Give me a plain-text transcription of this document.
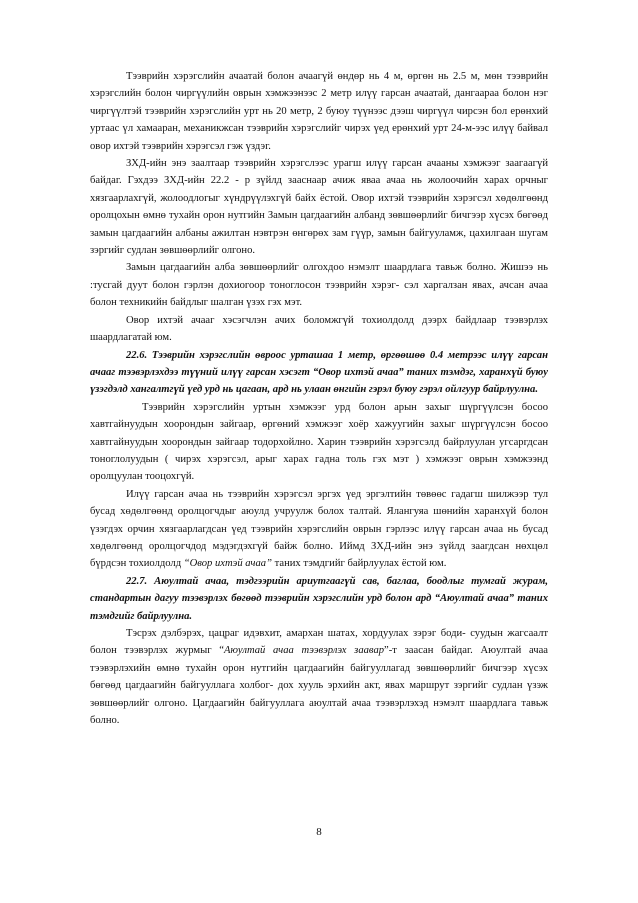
Тээврийн хэрэгслийн ачаатай болон ачаагүй өндөр нь 4 м, өргөн нь 2.5 м, мөн тээврийн хэрэгслийн болон чиргүүлийн оврын хэмжээнээс 2 метр илүү гарсан ачаатай, дангаараа болон нэг чиргүүлтэй тээврийн хэрэгслийн урт нь 20 метр, 2 буюу түүнээс дээш чиргүүл чирсэн бол ерөнхий уртааc үл хамааран, механикжсан тээврийн хэрэгслийг чирэх үед ерөнхий урт 24-м-ээс илүү байвал овор ихтэй тээврийн хэрэгсэл гэж үздэг.

ЗХД-ийн энэ заалтаар тээврийн хэрэгслээс урагш илүү гарсан ачааны хэмжээг заагаагүй байдаг. Гэхдээ ЗХД-ийн 22.2 - р зүйлд зааснаар ачиж яваа ачаа нь жолоочийн харах орчныг хязгаарлахгүй, жолоодлогыг хүндрүүлэхгүй байх ёстой. Овор ихтэй тээврийн хэрэгсэл хөдөлгөөнд оролцохын өмнө тухайн орон нутгийн Замын цагдаагийн албанд зөвшөөрлийг бичгээр хүсэх бөгөөд замын цагдаагийн албаны ажилтан нэвтрэн өнгөрөх зам гүүр, замын байгууламж, цахилгаан шугам зэргийг судлан зөвшөөрлийг олгоно.

Замын цагдаагийн алба зөвшөөрлийг олгохдоо нэмэлт шаардлага тавьж болно. Жишээ нь :тусгай дуут болон гэрлэн дохиогоор тоноглосон тээврийн хэрэг- сэл харгалзан явах, ачсан ачаа болон техникийн байдлыг шалган үзэх гэх мэт.

Овор ихтэй ачааг хэсэгчлэн ачих боломжгүй тохиолдолд дээрх байдлаар тээвэрлэх шаардлагатай юм.

22.6. Тээврийн хэрэгслийн өвроос урташаа 1 метр, өргөөшөө 0.4 метрээс илүү гарсан ачааг тээвэрлэхдээ түүний илүү гарсан хэсэгт “Овор ихтэй ачаа” таних тэмдэг, харанхүй буюу үзэгдэлд хангалтгүй үед урд нь цагаан, ард нь улаан өнгийн гэрэл буюу гэрэл ойлгуур байрлуулна.

Тээврийн хэрэгслийн уртын хэмжээг урд болон арын захыг шүргүүлсэн босоо хавтгайнуудын хоорондын зайгаар, өргөний хэмжээг хоёр хажуугийн захыг шүргүүлсэн босоо хавтгайнуудын хоорондын зайгаар тодорхойлно. Харин тээврийн хэрэгсэлд байрлуулан угсаргдсан тоноглолуудын ( чирэх хэрэгсэл, арыг харах гадна толь гэх мэт ) хэмжээг оврын хэмжээнд оролцуулан тооцохгүй.

Илүү гарсан ачаа нь тээврийн хэрэгсэл эргэх үед эргэлтийн төвөөс гадагш шилжээр тул бусад хөдөлгөөнд оролцогчдыг аюулд учруулж болох талтай. Ялангуяа шөнийн харанхүй болон үзэгдэх орчин хязгаарлагдсан үед тээврийн хэрэгслийн оврын гэрлээс илүү гарсан ачаа нь бусад хөдөлгөөнд оролцогчдод мэдэгдэхгүй байж болно. Иймд ЗХД-ийн энэ зүйлд заагдсан нөхцөл бүрдсэн тохиолдолд “Овор ихтэй ачаа” таних тэмдгийг байрлуулах ёстой юм.

22.7. Аюултай ачаа, тэдгээрийн ариутгаагүй сав, баглаа, боодлыг тумгай журам, стандартын дагуу тээвэрлэх бөгөөд тээврийн хэрэгслийн урд болон ард “Аюултай ачаа” таних тэмдгийг байрлуулна.

Тэсрэх дэлбэрэх, цацраг идэвхит, амархан шатах, хордуулах зэрэг боди- суудын жагсаалт болон тээвэрлэх журмыг “Аюултай ачаа тээвэрлэх заавар”-т заасан байдаг. Аюултай ачаа тээвэрлэхийн өмнө тухайн орон нутгийн цагдаагийн байгууллагад зөвшөөрлийг бичгээр хүсэх бөгөөд цагдаагийн байгууллага холбог- дох хууль эрхийн акт, явах маршрут зэргийг судлан үзэж зөвшөөрлийг олгоно. Цагдаагийн байгууллага аюултай ачаа тээвэрлэхэд нэмэлт шаардлага тавьж болно.

8
